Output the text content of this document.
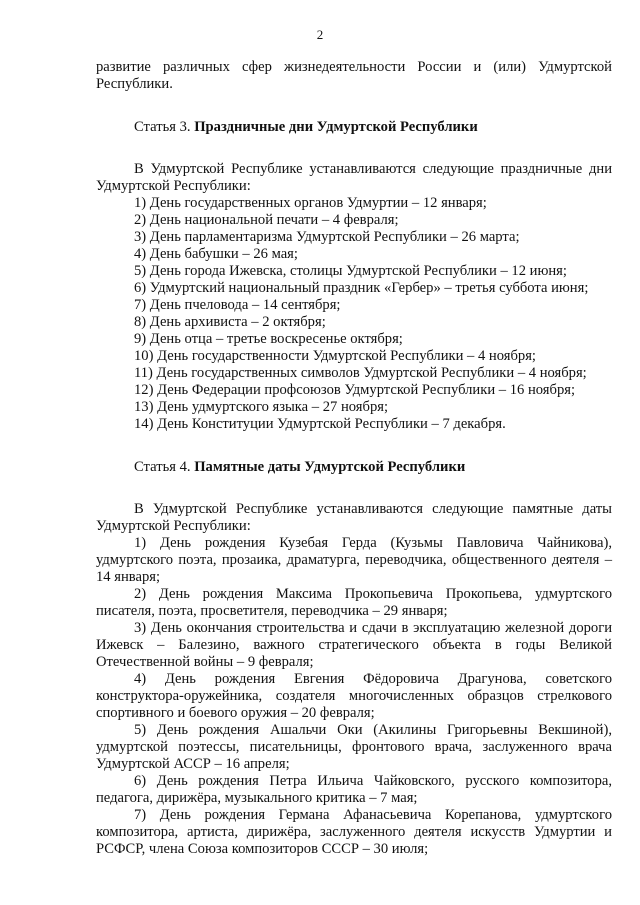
2

развитие различных сфер жизнедеятельности России и (или) Удмуртской Республики.

Статья 3. Праздничные дни Удмуртской Республики

В Удмуртской Республике устанавливаются следующие праздничные дни Удмуртской Республики:

1) День государственных органов Удмуртии – 12 января;
2) День национальной печати – 4 февраля;
3) День парламентаризма Удмуртской Республики – 26 марта;
4) День бабушки – 26 мая;
5) День города Ижевска, столицы Удмуртской Республики – 12 июня;
6) Удмуртский национальный праздник «Гербер» – третья суббота июня;
7) День пчеловода – 14 сентября;
8) День архивиста – 2 октября;
9) День отца – третье воскресенье октября;
10) День государственности Удмуртской Республики – 4 ноября;
11) День государственных символов Удмуртской Республики – 4 ноября;
12) День Федерации профсоюзов Удмуртской Республики – 16 ноября;
13) День удмуртского языка – 27 ноября;
14) День Конституции Удмуртской Республики – 7 декабря.

Статья 4. Памятные даты Удмуртской Республики

В Удмуртской Республике устанавливаются следующие памятные даты Удмуртской Республики:

1) День рождения Кузебая Герда (Кузьмы Павловича Чайникова), удмуртского поэта, прозаика, драматурга, переводчика, общественного деятеля – 14 января;
2) День рождения Максима Прокопьевича Прокопьева, удмуртского писателя, поэта, просветителя, переводчика – 29 января;
3) День окончания строительства и сдачи в эксплуатацию железной дороги Ижевск – Балезино, важного стратегического объекта в годы Великой Отечественной войны – 9 февраля;
4) День рождения Евгения Фёдоровича Драгунова, советского конструктора-оружейника, создателя многочисленных образцов стрелкового спортивного и боевого оружия – 20 февраля;
5) День рождения Ашальчи Оки (Акилины Григорьевны Векшиной), удмуртской поэтессы, писательницы, фронтового врача, заслуженного врача Удмуртской АССР – 16 апреля;
6) День рождения Петра Ильича Чайковского, русского композитора, педагога, дирижёра, музыкального критика – 7 мая;
7) День рождения Германа Афанасьевича Корепанова, удмуртского композитора, артиста, дирижёра, заслуженного деятеля искусств Удмуртии и РСФСР, члена Союза композиторов СССР – 30 июля;
